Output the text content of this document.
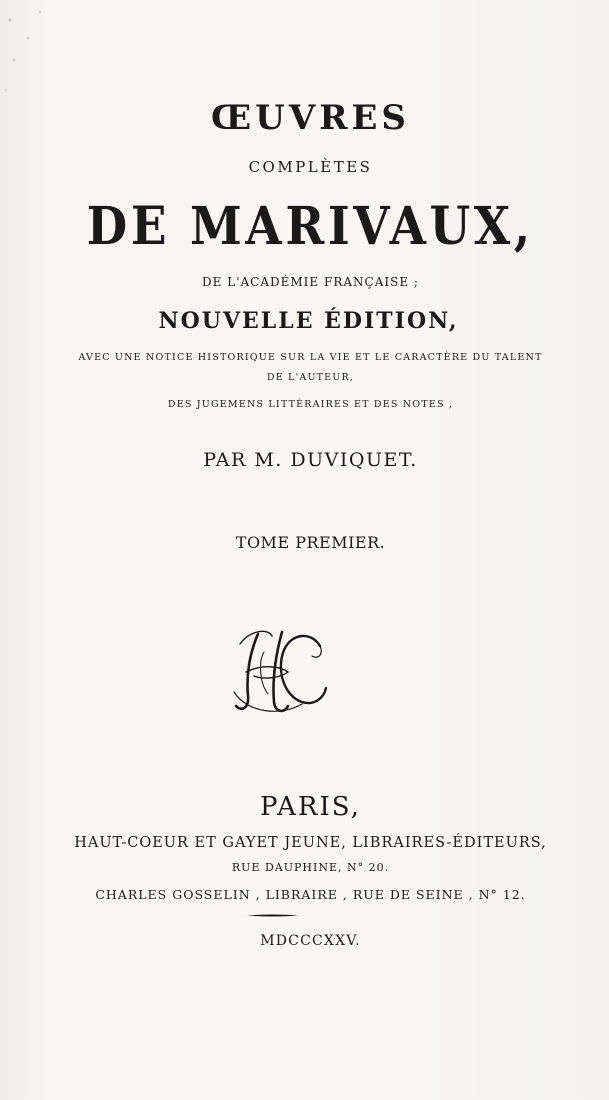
ŒUVRES
COMPLÈTES
DE MARIVAUX,
DE L'ACADÉMIE FRANÇAISE ;
NOUVELLE ÉDITION,
AVEC UNE NOTICE HISTORIQUE SUR LA VIE ET LE CARACTÈRE DU TALENT
DE L'AUTEUR,
DES JUGEMENS LITTÉRAIRES ET DES NOTES ,
PAR M. DUVIQUET.
TOME PREMIER.
PARIS,
HAUT-COEUR ET GAYET JEUNE, LIBRAIRES-ÉDITEURS,
RUE DAUPHINE, N° 20.
CHARLES GOSSELIN , LIBRAIRE , RUE DE SEINE , N° 12.
MDCCCXXV.
